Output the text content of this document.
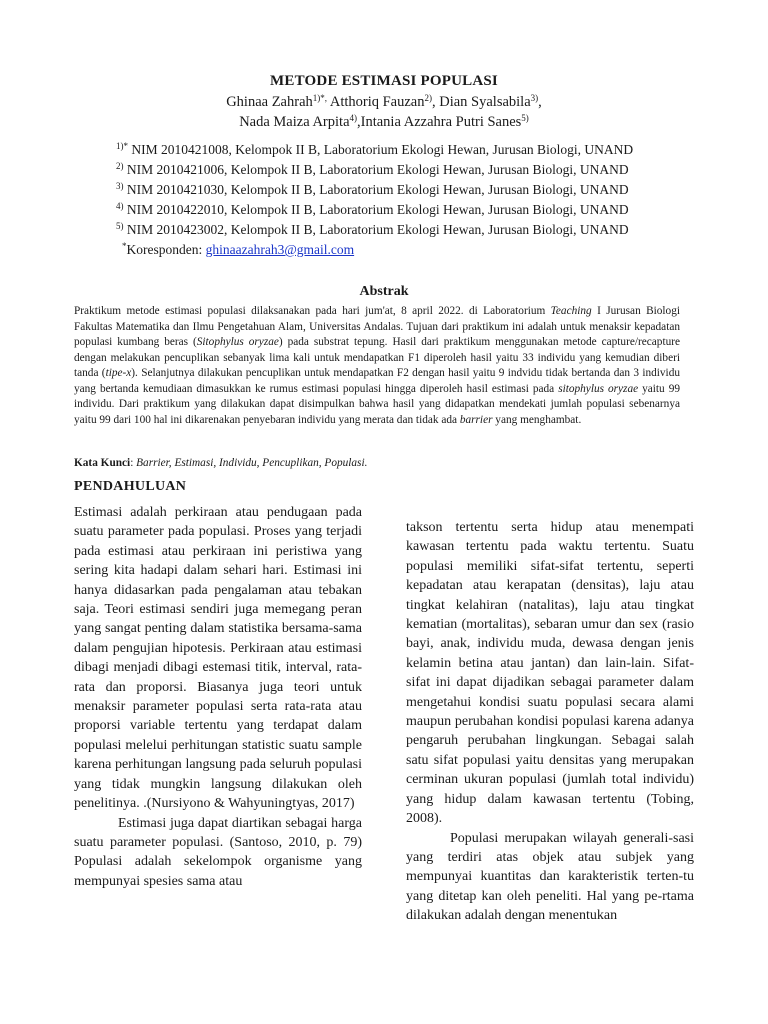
METODE ESTIMASI POPULASI
Ghinaa Zahrah$^{1)*,}$ Atthoriq Fauzan$^{2)}$, Dian Syalsabila$^{3)}$,
Nada Maiza Arpita$^{4)}$,Intania Azzahra Putri Sanes$^{5)}$
$^{1)*}$ NIM 2010421008, Kelompok II B, Laboratorium Ekologi Hewan, Jurusan Biologi, UNAND
$^{2)}$ NIM 2010421006, Kelompok II B, Laboratorium Ekologi Hewan, Jurusan Biologi, UNAND
$^{3)}$ NIM 2010421030, Kelompok II B, Laboratorium Ekologi Hewan, Jurusan Biologi, UNAND
$^{4)}$ NIM 2010422010, Kelompok II B, Laboratorium Ekologi Hewan, Jurusan Biologi, UNAND
$^{5)}$ NIM 2010423002, Kelompok II B, Laboratorium Ekologi Hewan, Jurusan Biologi, UNAND
*Koresponden: ghinaazahrah3@gmail.com
Abstrak
Praktikum metode estimasi populasi dilaksanakan pada hari jum'at, 8 april 2022. di Laboratorium Teaching I Jurusan Biologi Fakultas Matematika dan Ilmu Pengetahuan Alam, Universitas Andalas. Tujuan dari praktikum ini adalah untuk menaksir kepadatan populasi kumbang beras (Sitophylus oryzae) pada substrat tepung. Hasil dari praktikum menggunakan metode capture/recapture dengan melakukan pencuplikan sebanyak lima kali untuk mendapatkan F1 diperoleh hasil yaitu 33 individu yang kemudian diberi tanda (tipe-x). Selanjutnya dilakukan pencuplikan untuk mendapatkan F2 dengan hasil yaitu 9 indvidu tidak bertanda dan 3 individu yang bertanda kemudiaan dimasukkan ke rumus estimasi populasi hingga diperoleh hasil estimasi pada sitophylus oryzae yaitu 99 individu. Dari praktikum yang dilakukan dapat disimpulkan bahwa hasil yang didapatkan mendekati jumlah populasi sebenarnya yaitu 99 dari 100 hal ini dikarenakan penyebaran individu yang merata dan tidak ada barrier yang menghambat.
Kata Kunci: Barrier, Estimasi, Individu, Pencuplikan, Populasi.
PENDAHULUAN

Estimasi adalah perkiraan atau pendugaan pada suatu parameter pada populasi. Proses yang terjadi pada estimasi atau perkiraan ini peristiwa yang sering kita hadapi dalam sehari hari. Estimasi ini hanya didasarkan pada pengalaman atau tebakan saja. Teori estimasi sendiri juga memegang peran yang sangat penting dalam statistika bersama-sama dalam pengujian hipotesis. Perkiraan atau estimasi dibagi menjadi dibagi estemasi titik, interval, rata-rata dan proporsi. Biasanya juga teori untuk menaksir parameter populasi serta rata-rata atau proporsi variable tertentu yang terdapat dalam populasi melelui perhitungan statistic suatu sample karena perhitungan langsung pada seluruh populasi yang tidak mungkin langsung dilakukan oleh penelitinya. .(Nursiyono & Wahyuningtyas, 2017)

Estimasi juga dapat diartikan sebagai harga suatu parameter populasi. (Santoso, 2010, p. 79) Populasi adalah sekelompok organisme yang mempunyai spesies sama atau

takson tertentu serta hidup atau menempati kawasan tertentu pada waktu tertentu. Suatu populasi memiliki sifat-sifat tertentu, seperti kepadatan atau kerapatan (densitas), laju atau tingkat kelahiran (natalitas), laju atau tingkat kematian (mortalitas), sebaran umur dan sex (rasio bayi, anak, individu muda, dewasa dengan jenis kelamin betina atau jantan) dan lain-lain. Sifat-sifat ini dapat dijadikan sebagai parameter dalam mengetahui kondisi suatu populasi secara alami maupun perubahan kondisi populasi karena adanya pengaruh perubahan lingkungan. Sebagai salah satu sifat populasi yaitu densitas yang merupakan cerminan ukuran populasi (jumlah total individu) yang hidup dalam kawasan tertentu (Tobing, 2008).

Populasi merupakan wilayah generali-sasi yang terdiri atas objek atau subjek yang mempunyai kuantitas dan karakteristik terten-tu yang ditetap kan oleh peneliti. Hal yang pe-rtama dilakukan adalah dengan menentukan
